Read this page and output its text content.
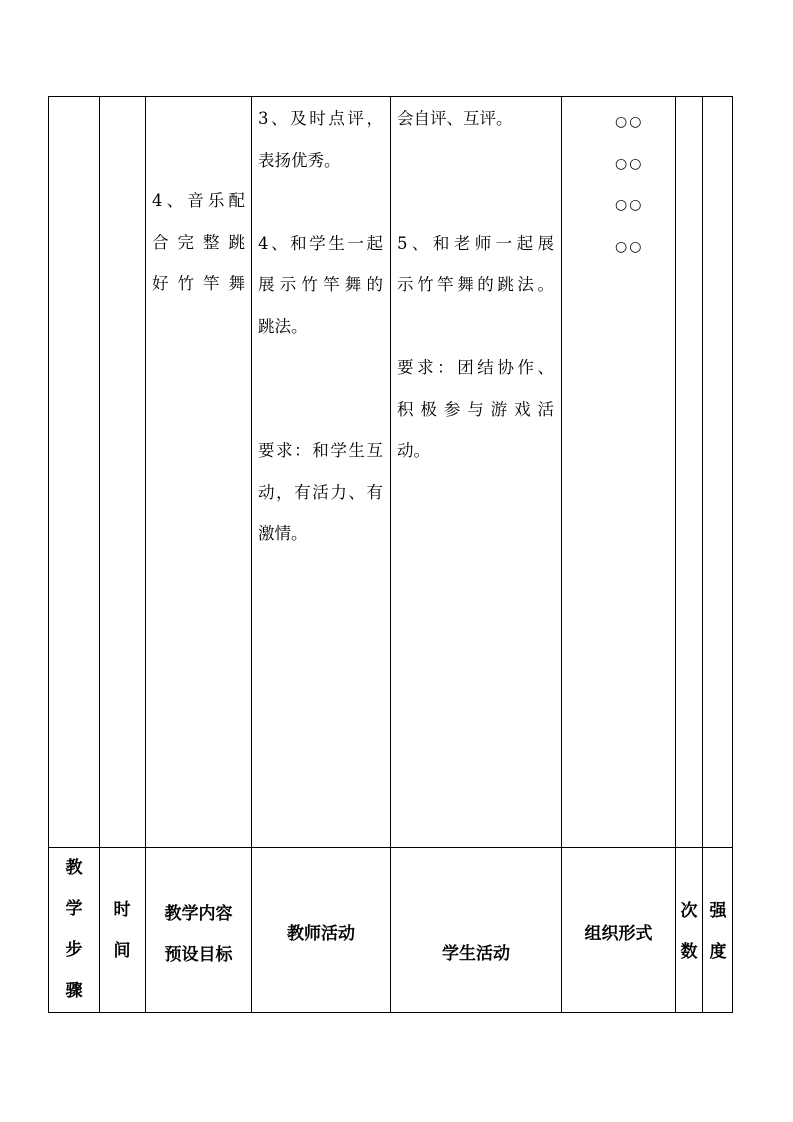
4、音乐配
合完整跳
好竹竿舞
3、及时点评，
表扬优秀。

4、和学生一起
展示竹竿舞的
跳法。

要求：和学生互
动，有活力、有
激情。
会自评、互评。

5、和老师一起展
示竹竿舞的跳法。

要求：团结协作、
积极参与游戏活
动。
○○
○○
○○
○○
教
学
步
骤
时
间
教学内容
预设目标
教师活动
学生活动
组织形式
次
数
强
度
